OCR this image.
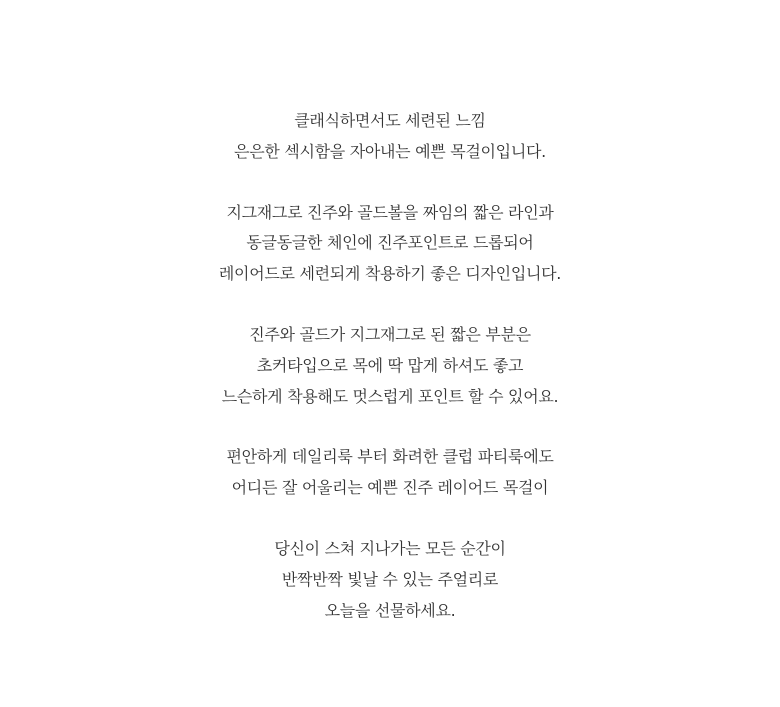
클래식하면서도 세련된 느낌
은은한 섹시함을 자아내는 예쁜 목걸이입니다.
지그재그로 진주와 골드볼을 짜임의 짧은 라인과
동글동글한 체인에 진주포인트로 드롭되어
레이어드로 세련되게 착용하기 좋은 디자인입니다.
진주와 골드가 지그재그로 된 짧은 부분은
초커타입으로 목에 딱 맙게 하셔도 좋고
느슨하게 착용해도 멋스럽게 포인트 할 수 있어요.
편안하게 데일리룩 부터 화려한 클럽 파티룩에도
어디든 잘 어울리는 예쁜 진주 레이어드 목걸이
당신이 스쳐 지나가는 모든 순간이
반짝반짝 빛날 수 있는 주얼리로
오늘을 선물하세요.
